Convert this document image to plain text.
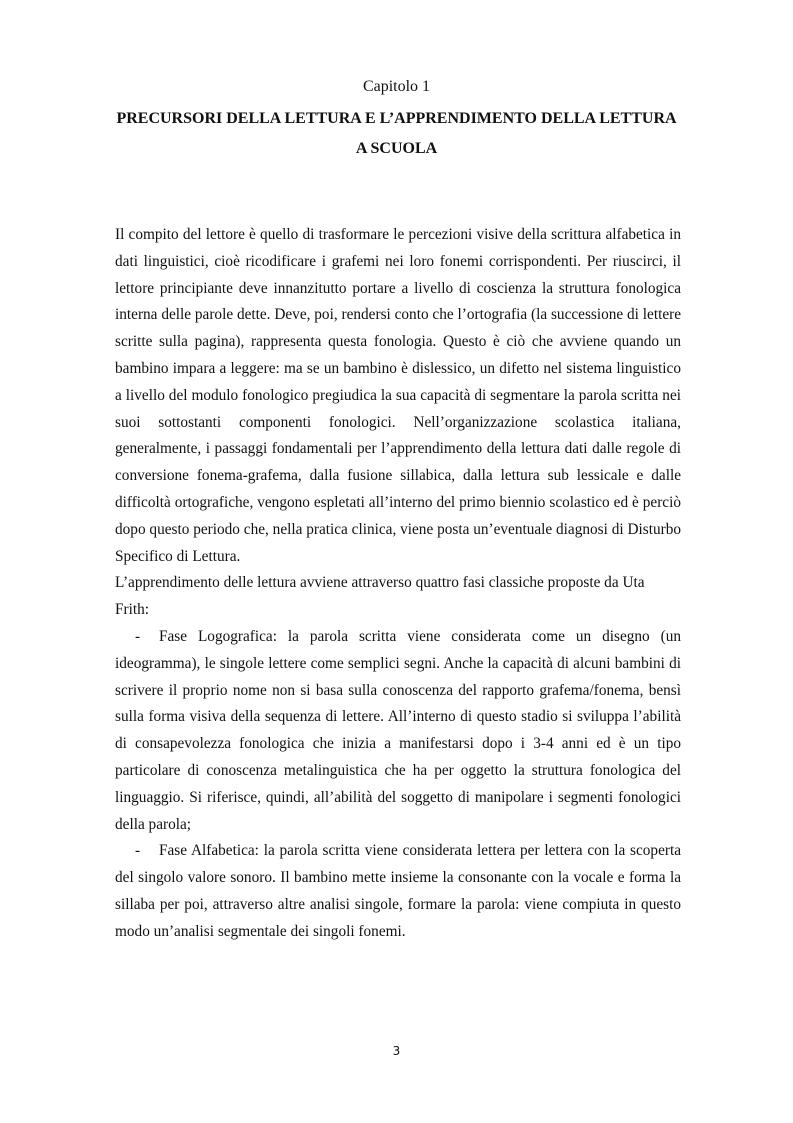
Capitolo 1
PRECURSORI DELLA LETTURA E L’APPRENDIMENTO DELLA LETTURA A SCUOLA

Il compito del lettore è quello di trasformare le percezioni visive della scrittura alfabetica in dati linguistici, cioè ricodificare i grafemi nei loro fonemi corrispondenti. Per riuscirci, il lettore principiante deve innanzitutto portare a livello di coscienza la struttura fonologica interna delle parole dette. Deve, poi, rendersi conto che l’ortografia (la successione di lettere scritte sulla pagina), rappresenta questa fonologia. Questo è ciò che avviene quando un bambino impara a leggere: ma se un bambino è dislessico, un difetto nel sistema linguistico a livello del modulo fonologico pregiudica la sua capacità di segmentare la parola scritta nei suoi sottostanti componenti fonologici. Nell’organizzazione scolastica italiana, generalmente, i passaggi fondamentali per l’apprendimento della lettura dati dalle regole di conversione fonema-grafema, dalla fusione sillabica, dalla lettura sub lessicale e dalle difficoltà ortografiche, vengono espletati all’interno del primo biennio scolastico ed è perciò dopo questo periodo che, nella pratica clinica, viene posta un’eventuale diagnosi di Disturbo Specifico di Lettura.

L’apprendimento delle lettura avviene attraverso quattro fasi classiche proposte da Uta Frith:

- Fase Logografica: la parola scritta viene considerata come un disegno (un ideogramma), le singole lettere come semplici segni. Anche la capacità di alcuni bambini di scrivere il proprio nome non si basa sulla conoscenza del rapporto grafema/fonema, bensì sulla forma visiva della sequenza di lettere. All’interno di questo stadio si sviluppa l’abilità di consapevolezza fonologica che inizia a manifestarsi dopo i 3-4 anni ed è un tipo particolare di conoscenza metalinguistica che ha per oggetto la struttura fonologica del linguaggio. Si riferisce, quindi, all’abilità del soggetto di manipolare i segmenti fonologici della parola;

- Fase Alfabetica: la parola scritta viene considerata lettera per lettera con la scoperta del singolo valore sonoro. Il bambino mette insieme la consonante con la vocale e forma la sillaba per poi, attraverso altre analisi singole, formare la parola: viene compiuta in questo modo un’analisi segmentale dei singoli fonemi.

3
